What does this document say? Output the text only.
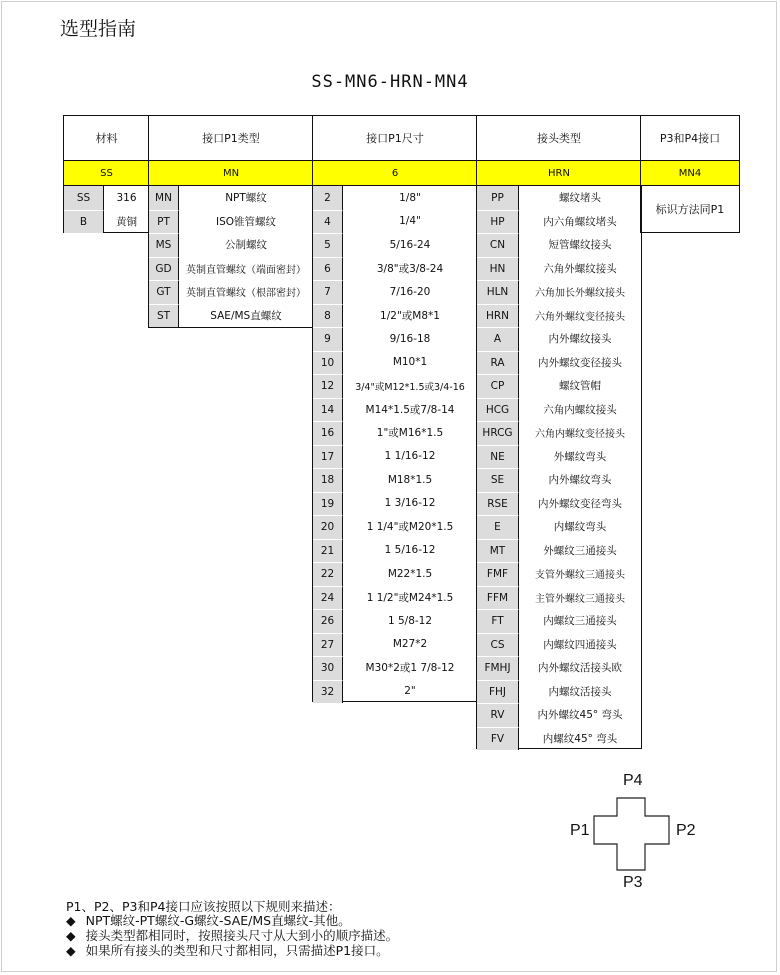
选型指南
SS-MN6-HRN-MN4
材料	接口P1类型	接口P1尺寸	接头类型	P3和P4接口
SS	MN	6	HRN	MN4
SS	316
B	黄铜
MN	NPT螺纹
PT	ISO锥管螺纹
MS	公制螺纹
GD	英制直管螺纹（端面密封）
GT	英制直管螺纹（根部密封）
ST	SAE/MS直螺纹
2	1/8"
4	1/4"
5	5/16-24
6	3/8"或3/8-24
7	7/16-20
8	1/2"或M8*1
9	9/16-18
10	M10*1
12	3/4"或M12*1.5或3/4-16
14	M14*1.5或7/8-14
16	1"或M16*1.5
17	1 1/16-12
18	M18*1.5
19	1 3/16-12
20	1 1/4"或M20*1.5
21	1 5/16-12
22	M22*1.5
24	1 1/2"或M24*1.5
26	1 5/8-12
27	M27*2
30	M30*2或1 7/8-12
32	2"
PP	螺纹堵头
HP	内六角螺纹堵头
CN	短管螺纹接头
HN	六角外螺纹接头
HLN	六角加长外螺纹接头
HRN	六角外螺纹变径接头
A	内外螺纹接头
RA	内外螺纹变径接头
CP	螺纹管帽
HCG	六角内螺纹接头
HRCG	六角内螺纹变径接头
NE	外螺纹弯头
SE	内外螺纹弯头
RSE	内外螺纹变径弯头
E	内螺纹弯头
MT	外螺纹三通接头
FMF	支管外螺纹三通接头
FFM	主管外螺纹三通接头
FT	内螺纹三通接头
CS	内螺纹四通接头
FMHJ	内外螺纹活接头欧
FHJ	内螺纹活接头
RV	内外螺纹45° 弯头
FV	内螺纹45° 弯头
标识方法同P1
P4
P1	P2
P3
P1、P2、P3和P4接口应该按照以下规则来描述：
◆ NPT螺纹-PT螺纹-G螺纹-SAE/MS直螺纹-其他。
◆ 接头类型都相同时，按照接头尺寸从大到小的顺序描述。
◆ 如果所有接头的类型和尺寸都相同，只需描述P1接口。
